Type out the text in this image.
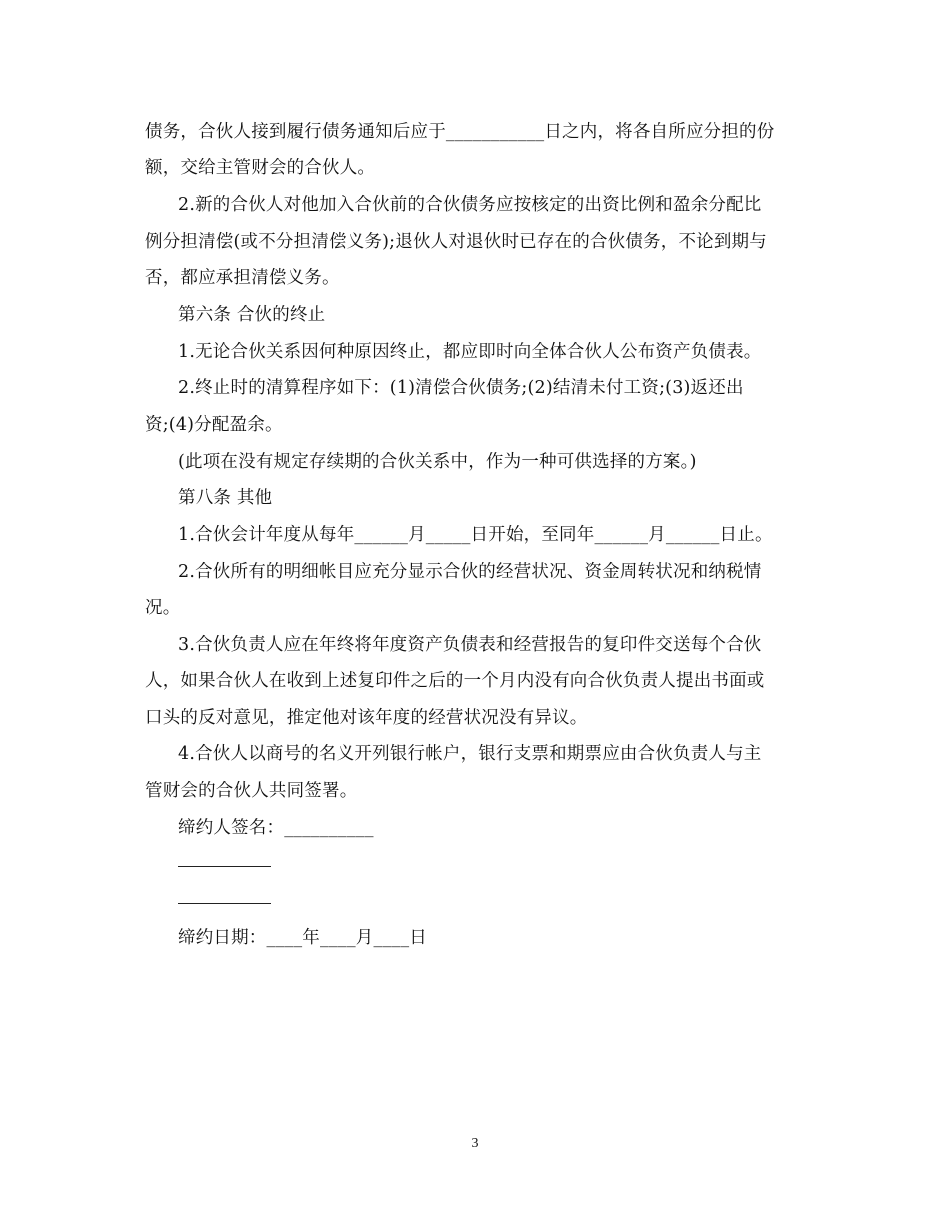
债务，合伙人接到履行债务通知后应于___________日之内，将各自所应分担的份
额，交给主管财会的合伙人。
2.新的合伙人对他加入合伙前的合伙债务应按核定的出资比例和盈余分配比
例分担清偿(或不分担清偿义务);退伙人对退伙时已存在的合伙债务，不论到期与
否，都应承担清偿义务。
第六条 合伙的终止
1.无论合伙关系因何种原因终止，都应即时向全体合伙人公布资产负债表。
2.终止时的清算程序如下：(1)清偿合伙债务;(2)结清未付工资;(3)返还出
资;(4)分配盈余。
(此项在没有规定存续期的合伙关系中，作为一种可供选择的方案。)
第八条 其他
1.合伙会计年度从每年______月_____日开始，至同年______月______日止。
2.合伙所有的明细帐目应充分显示合伙的经营状况、资金周转状况和纳税情
况。
3.合伙负责人应在年终将年度资产负债表和经营报告的复印件交送每个合伙
人，如果合伙人在收到上述复印件之后的一个月内没有向合伙负责人提出书面或
口头的反对意见，推定他对该年度的经营状况没有异议。
4.合伙人以商号的名义开列银行帐户，银行支票和期票应由合伙负责人与主
管财会的合伙人共同签署。
缔约人签名：__________
缔约日期：____年____月____日
3
